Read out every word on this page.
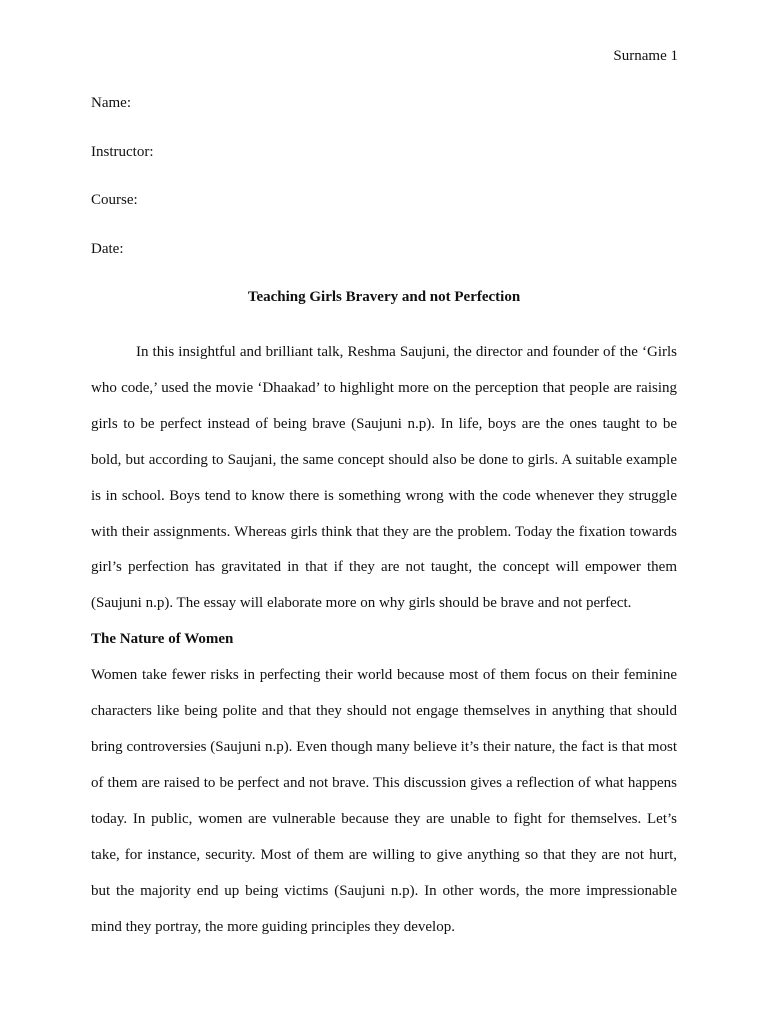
Surname 1
Name:
Instructor:
Course:
Date:
Teaching Girls Bravery and not Perfection

In this insightful and brilliant talk, Reshma Saujuni, the director and founder of the ‘Girls who code,’ used the movie ‘Dhaakad’ to highlight more on the perception that people are raising girls to be perfect instead of being brave (Saujuni n.p). In life, boys are the ones taught to be bold, but according to Saujani, the same concept should also be done to girls. A suitable example is in school. Boys tend to know there is something wrong with the code whenever they struggle with their assignments. Whereas girls think that they are the problem. Today the fixation towards girl’s perfection has gravitated in that if they are not taught, the concept will empower them (Saujuni n.p). The essay will elaborate more on why girls should be brave and not perfect.

The Nature of Women

Women take fewer risks in perfecting their world because most of them focus on their feminine characters like being polite and that they should not engage themselves in anything that should bring controversies (Saujuni n.p). Even though many believe it’s their nature, the fact is that most of them are raised to be perfect and not brave. This discussion gives a reflection of what happens today. In public, women are vulnerable because they are unable to fight for themselves. Let’s take, for instance, security. Most of them are willing to give anything so that they are not hurt, but the majority end up being victims (Saujuni n.p). In other words, the more impressionable mind they portray, the more guiding principles they develop.
